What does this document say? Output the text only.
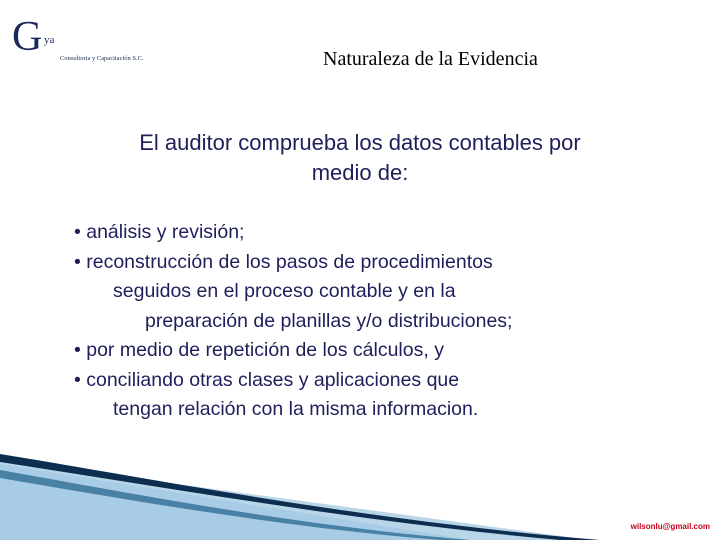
G ya
Consultoria y Capacitación S.C.	Naturaleza de la Evidencia
El auditor comprueba los datos contables por
medio de:
• análisis y revisión;
• reconstrucción de los pasos de procedimientos
seguidos en el proceso contable y en la
preparación de planillas y/o distribuciones;
• por medio de repetición de los cálculos, y
• conciliando otras clases y aplicaciones que
tengan relación con la misma informacion.
wilsonlu@gmail.com
